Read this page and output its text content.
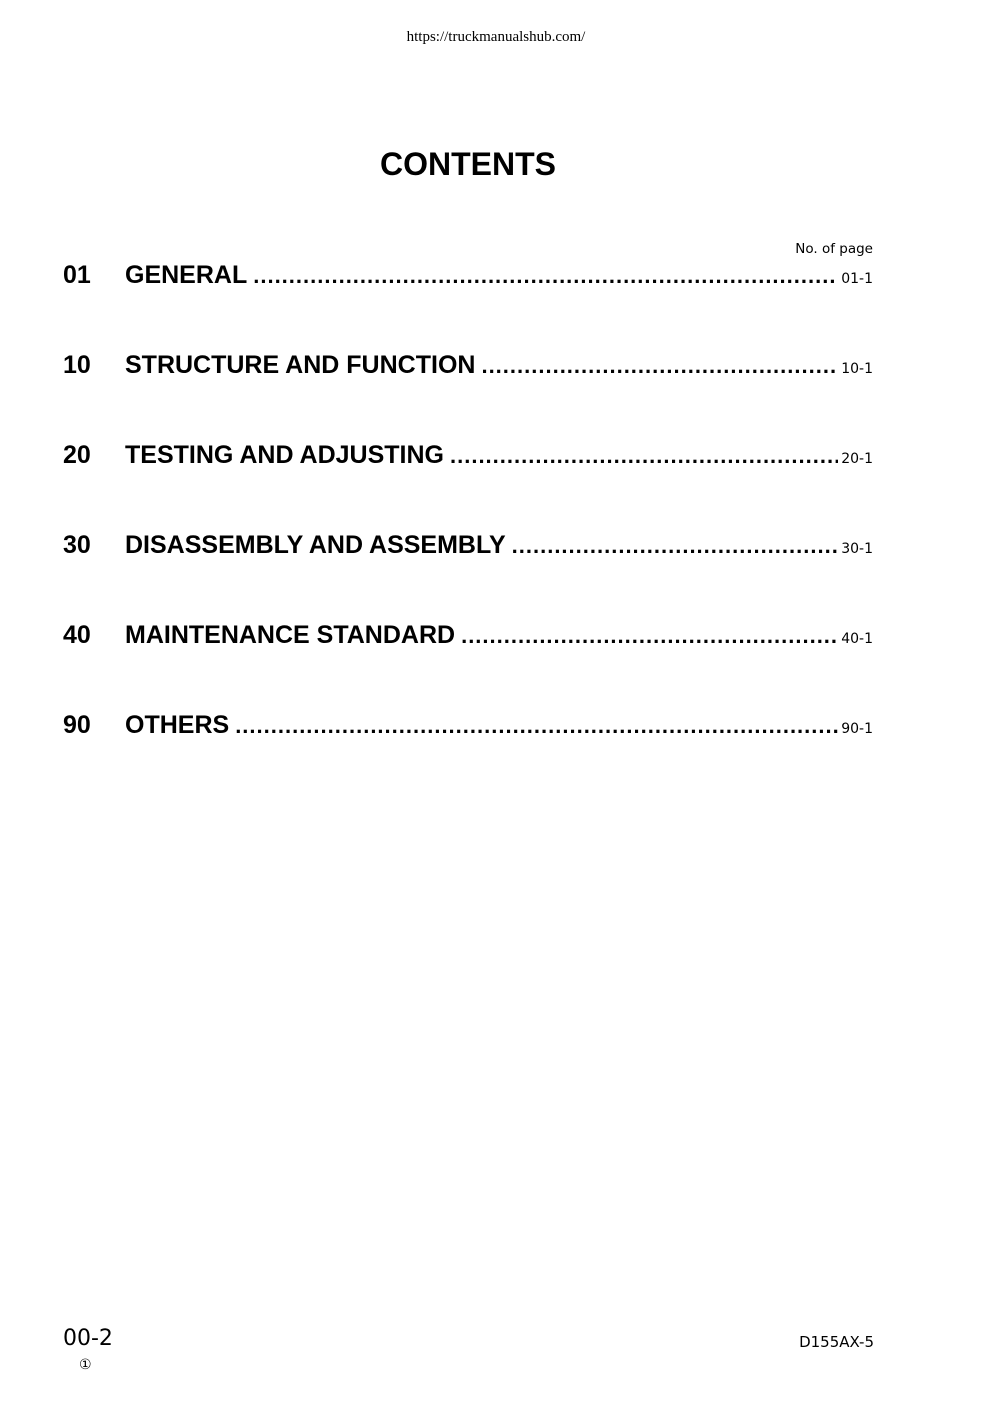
https://truckmanualshub.com/
CONTENTS
No. of page
01	GENERAL .....	01-1
10	STRUCTURE AND FUNCTION .....	10-1
20	TESTING AND ADJUSTING .....	20-1
30	DISASSEMBLY AND ASSEMBLY .....	30-1
40	MAINTENANCE STANDARD .....	40-1
90	OTHERS .....	90-1
00-2
①
D155AX-5
